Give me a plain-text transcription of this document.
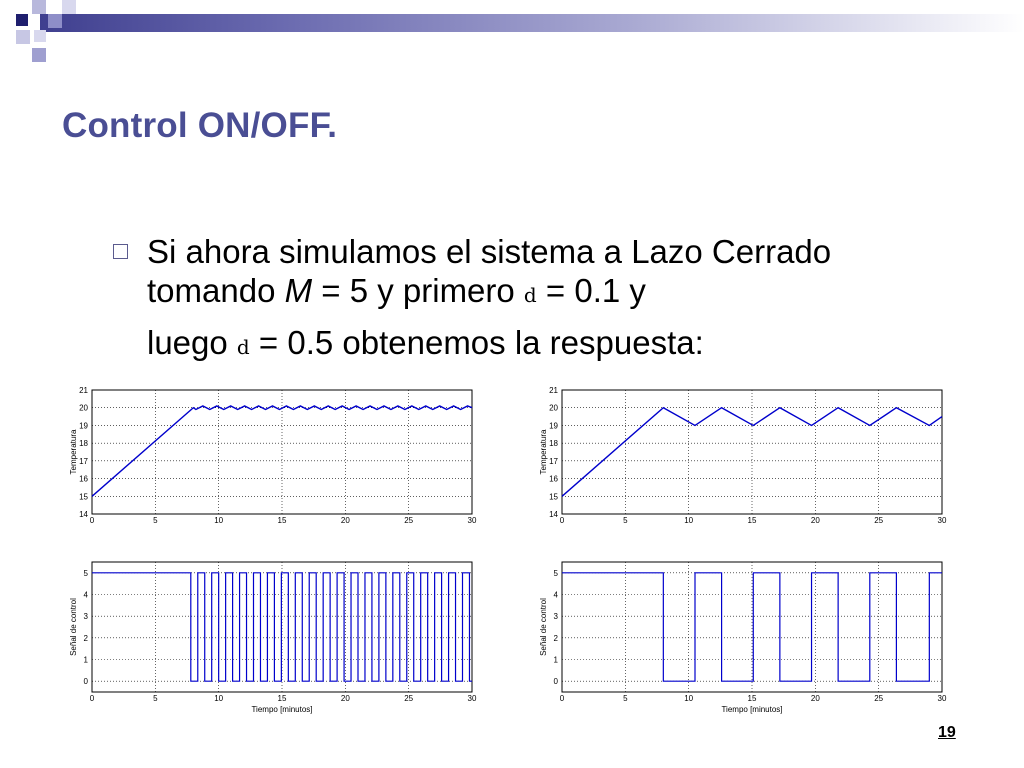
Control ON/OFF.
Si ahora simulamos el sistema a Lazo Cerrado tomando M = 5 y primero d = 0.1 y
luego d = 0.5 obtenemos la respuesta:
0	5	10	15	20	25	30
14
15
16
17
18
19
20
21
Temperatura
0	5	10	15	20	25	30
14
15
16
17
18
19
20
21
Temperatura
0	5	10	15	20	25	30
0
1
2
3
4
5
Señal de control
Tiempo [minutos]
0	5	10	15	20	25	30
0
1
2
3
4
5
Señal de control
Tiempo [minutos]
19
